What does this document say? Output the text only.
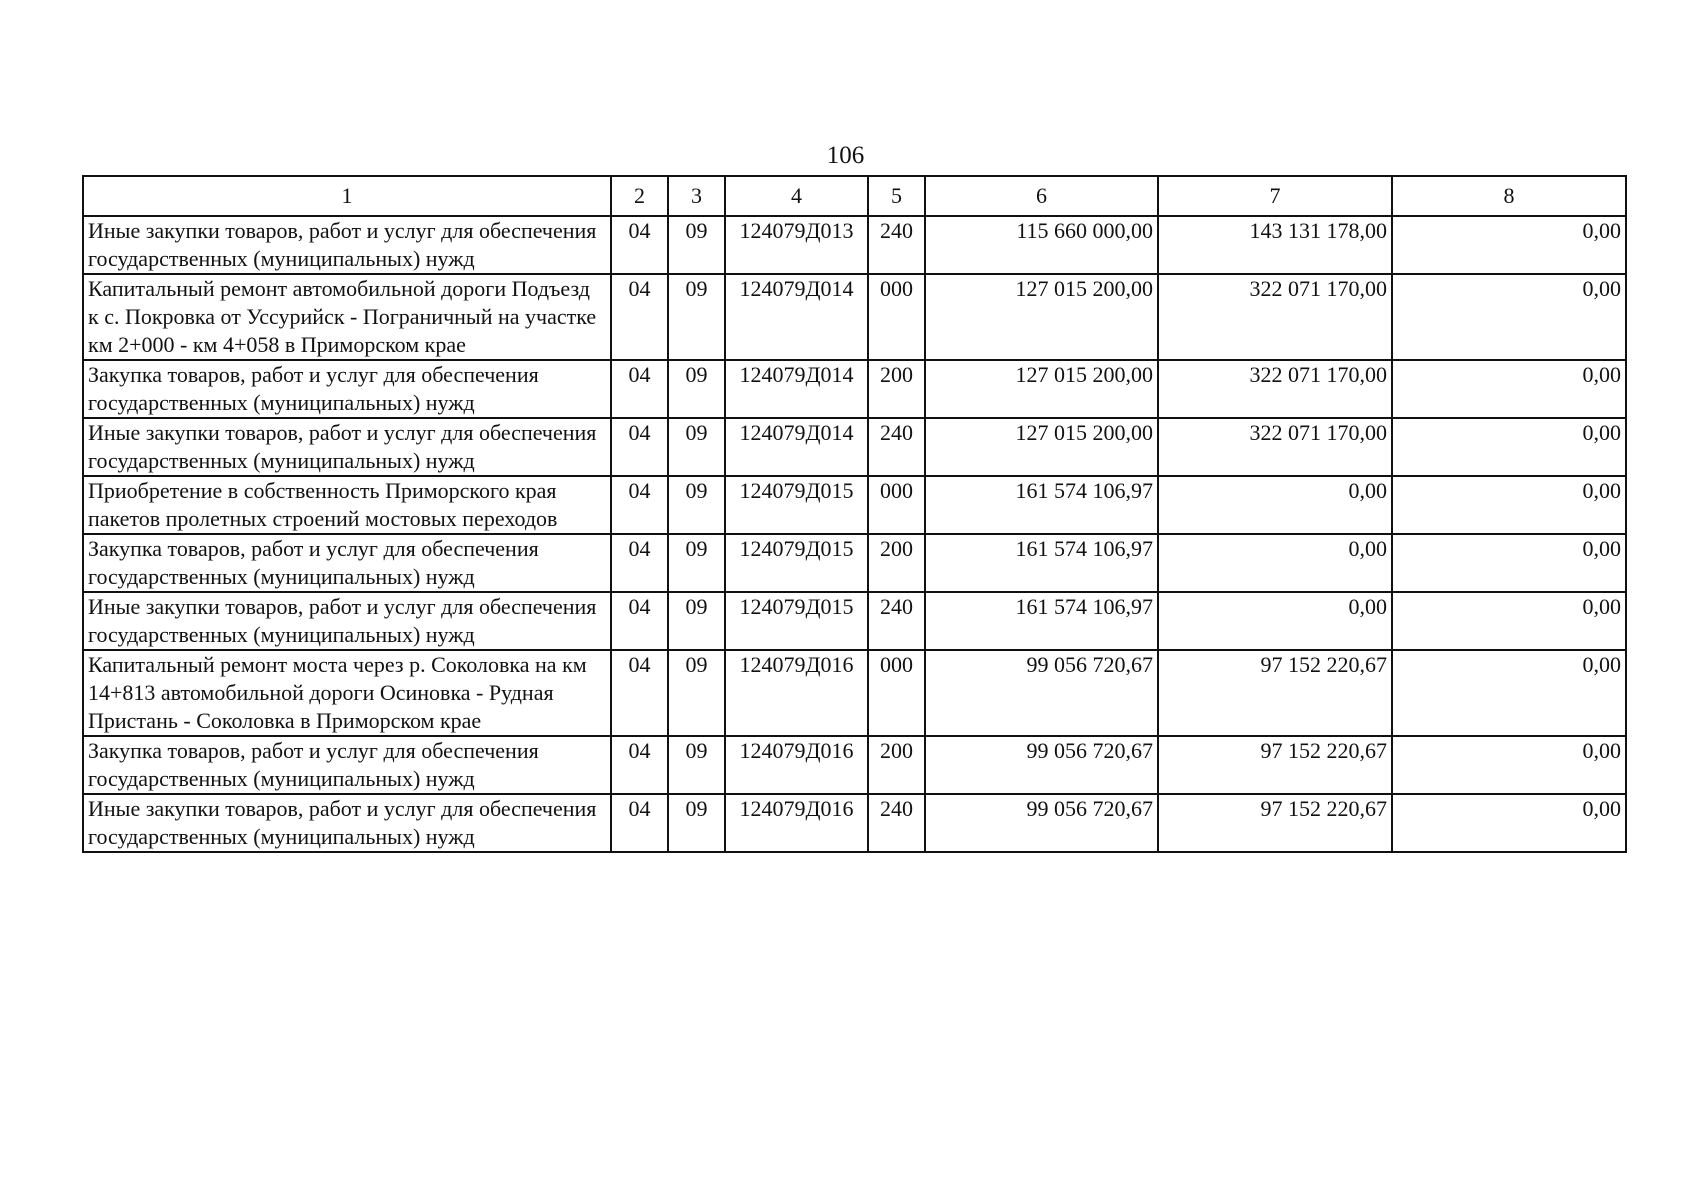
106
1	2	3	4	5	6	7	8
Иные закупки товаров, работ и услуг для обеспечения государственных (муниципальных) нужд	04	09	124079Д013	240	115 660 000,00	143 131 178,00	0,00
Капитальный ремонт автомобильной дороги Подъезд к с. Покровка от Уссурийск - Пограничный на участке км 2+000 - км 4+058 в Приморском крае	04	09	124079Д014	000	127 015 200,00	322 071 170,00	0,00
Закупка товаров, работ и услуг для обеспечения государственных (муниципальных) нужд	04	09	124079Д014	200	127 015 200,00	322 071 170,00	0,00
Иные закупки товаров, работ и услуг для обеспечения государственных (муниципальных) нужд	04	09	124079Д014	240	127 015 200,00	322 071 170,00	0,00
Приобретение в собственность Приморского края пакетов пролетных строений мостовых переходов	04	09	124079Д015	000	161 574 106,97	0,00	0,00
Закупка товаров, работ и услуг для обеспечения государственных (муниципальных) нужд	04	09	124079Д015	200	161 574 106,97	0,00	0,00
Иные закупки товаров, работ и услуг для обеспечения государственных (муниципальных) нужд	04	09	124079Д015	240	161 574 106,97	0,00	0,00
Капитальный ремонт моста через р. Соколовка на км 14+813 автомобильной дороги Осиновка - Рудная Пристань - Соколовка в Приморском крае	04	09	124079Д016	000	99 056 720,67	97 152 220,67	0,00
Закупка товаров, работ и услуг для обеспечения государственных (муниципальных) нужд	04	09	124079Д016	200	99 056 720,67	97 152 220,67	0,00
Иные закупки товаров, работ и услуг для обеспечения государственных (муниципальных) нужд	04	09	124079Д016	240	99 056 720,67	97 152 220,67	0,00
